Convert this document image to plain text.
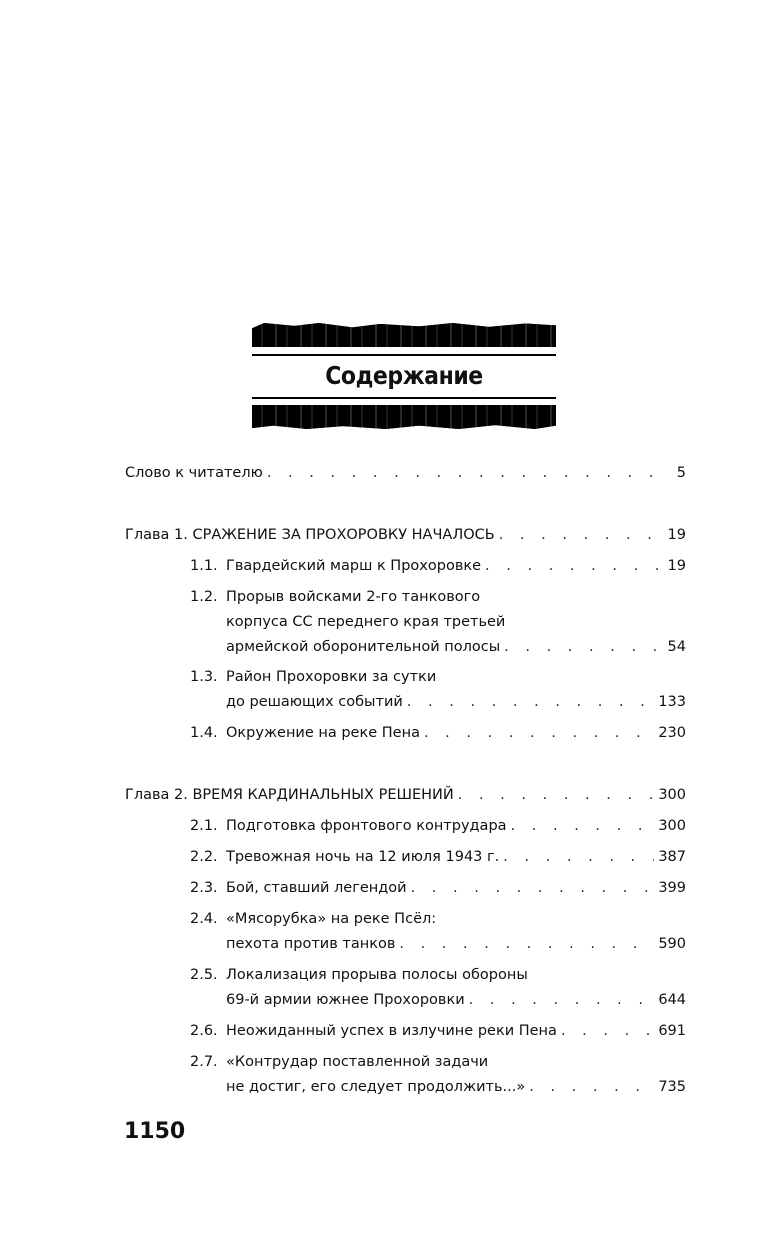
Содержание
Слово к читателю . . .	5
Глава 1. СРАЖЕНИЕ ЗА ПРОХОРОВКУ НАЧАЛОСЬ . . .	19
1.1. Гвардейский марш к Прохоровке . . .	19
1.2. Прорыв войсками 2-го танкового
корпуса СС переднего края третьей
армейской оборонительной полосы . . .	54
1.3. Район Прохоровки за сутки
до решающих событий . . .	133
1.4. Окружение на реке Пена . . .	230
Глава 2. ВРЕМЯ КАРДИНАЛЬНЫХ РЕШЕНИЙ . . .	300
2.1. Подготовка фронтового контрудара . . .	300
2.2. Тревожная ночь на 12 июля 1943 г. . . .	387
2.3. Бой, ставший легендой . . .	399
2.4. «Мясорубка» на реке Псёл:
пехота против танков . . .	590
2.5. Локализация прорыва полосы обороны
69-й армии южнее Прохоровки . . .	644
2.6. Неожиданный успех в излучине реки Пена . . .	691
2.7. «Контрудар поставленной задачи
не достиг, его следует продолжить...» . . .	735
1150
